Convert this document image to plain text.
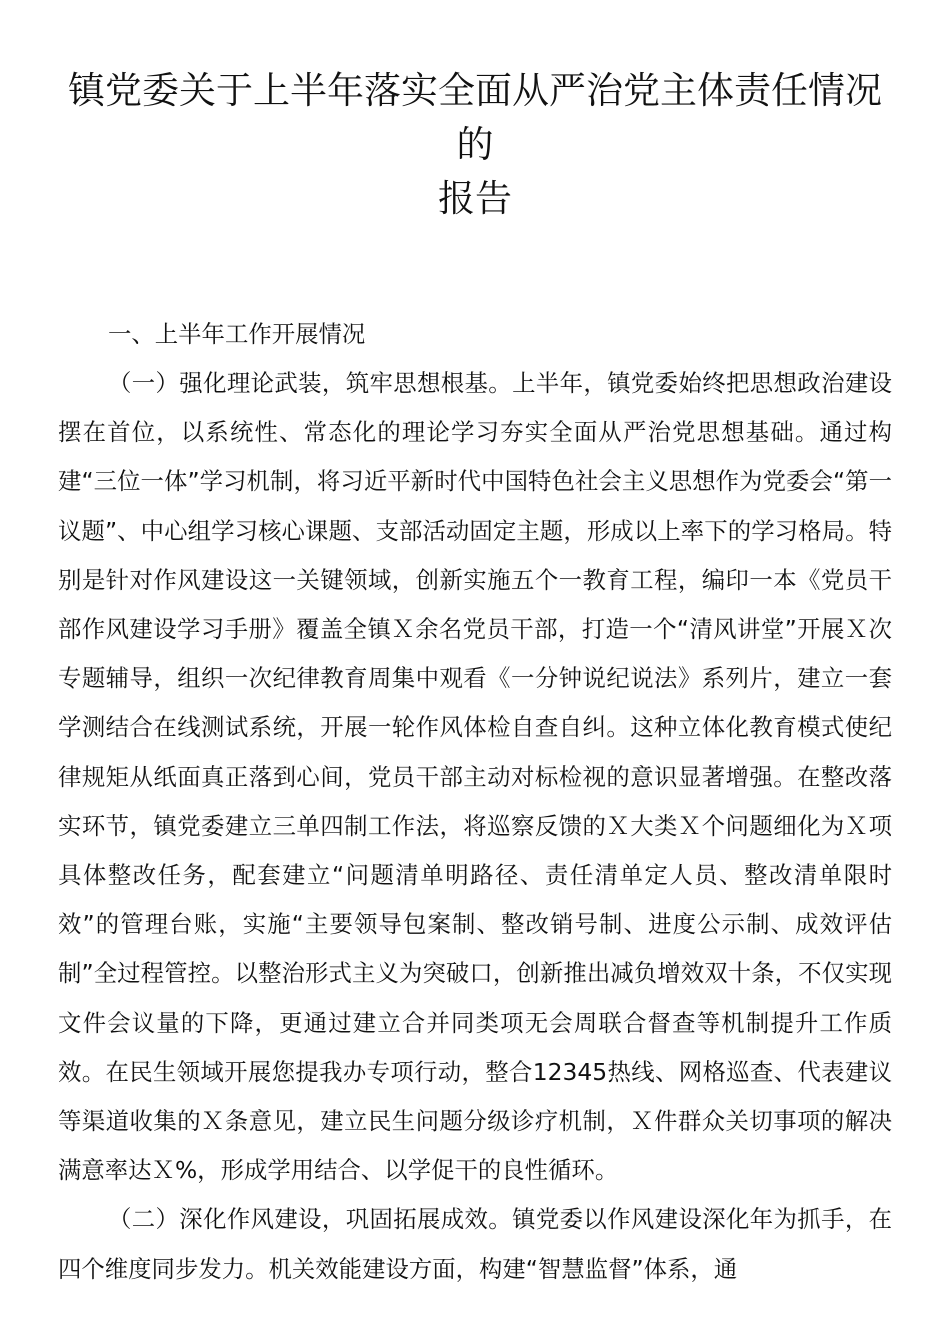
镇党委关于上半年落实全面从严治党主体责任情况的
报告

一、上半年工作开展情况

（一）强化理论武装，筑牢思想根基。上半年，镇党委始终把思想政治建设摆在首位，以系统性、常态化的理论学习夯实全面从严治党思想基础。通过构建“三位一体”学习机制，将习近平新时代中国特色社会主义思想作为党委会“第一议题”、中心组学习核心课题、支部活动固定主题，形成以上率下的学习格局。特别是针对作风建设这一关键领域，创新实施五个一教育工程，编印一本《党员干部作风建设学习手册》覆盖全镇Ｘ余名党员干部，打造一个“清风讲堂”开展Ｘ次专题辅导，组织一次纪律教育周集中观看《一分钟说纪说法》系列片，建立一套学测结合在线测试系统，开展一轮作风体检自查自纠。这种立体化教育模式使纪律规矩从纸面真正落到心间，党员干部主动对标检视的意识显著增强。在整改落实环节，镇党委建立三单四制工作法，将巡察反馈的Ｘ大类Ｘ个问题细化为Ｘ项具体整改任务，配套建立“问题清单明路径、责任清单定人员、整改清单限时效”的管理台账，实施“主要领导包案制、整改销号制、进度公示制、成效评估制”全过程管控。以整治形式主义为突破口，创新推出减负增效双十条，不仅实现文件会议量的下降，更通过建立合并同类项无会周联合督查等机制提升工作质效。在民生领域开展您提我办专项行动，整合12345热线、网格巡查、代表建议等渠道收集的Ｘ条意见，建立民生问题分级诊疗机制，Ｘ件群众关切事项的解决满意率达Ｘ%，形成学用结合、以学促干的良性循环。

（二）深化作风建设，巩固拓展成效。镇党委以作风建设深化年为抓手，在四个维度同步发力。机关效能建设方面，构建“智慧监督”体系，通
